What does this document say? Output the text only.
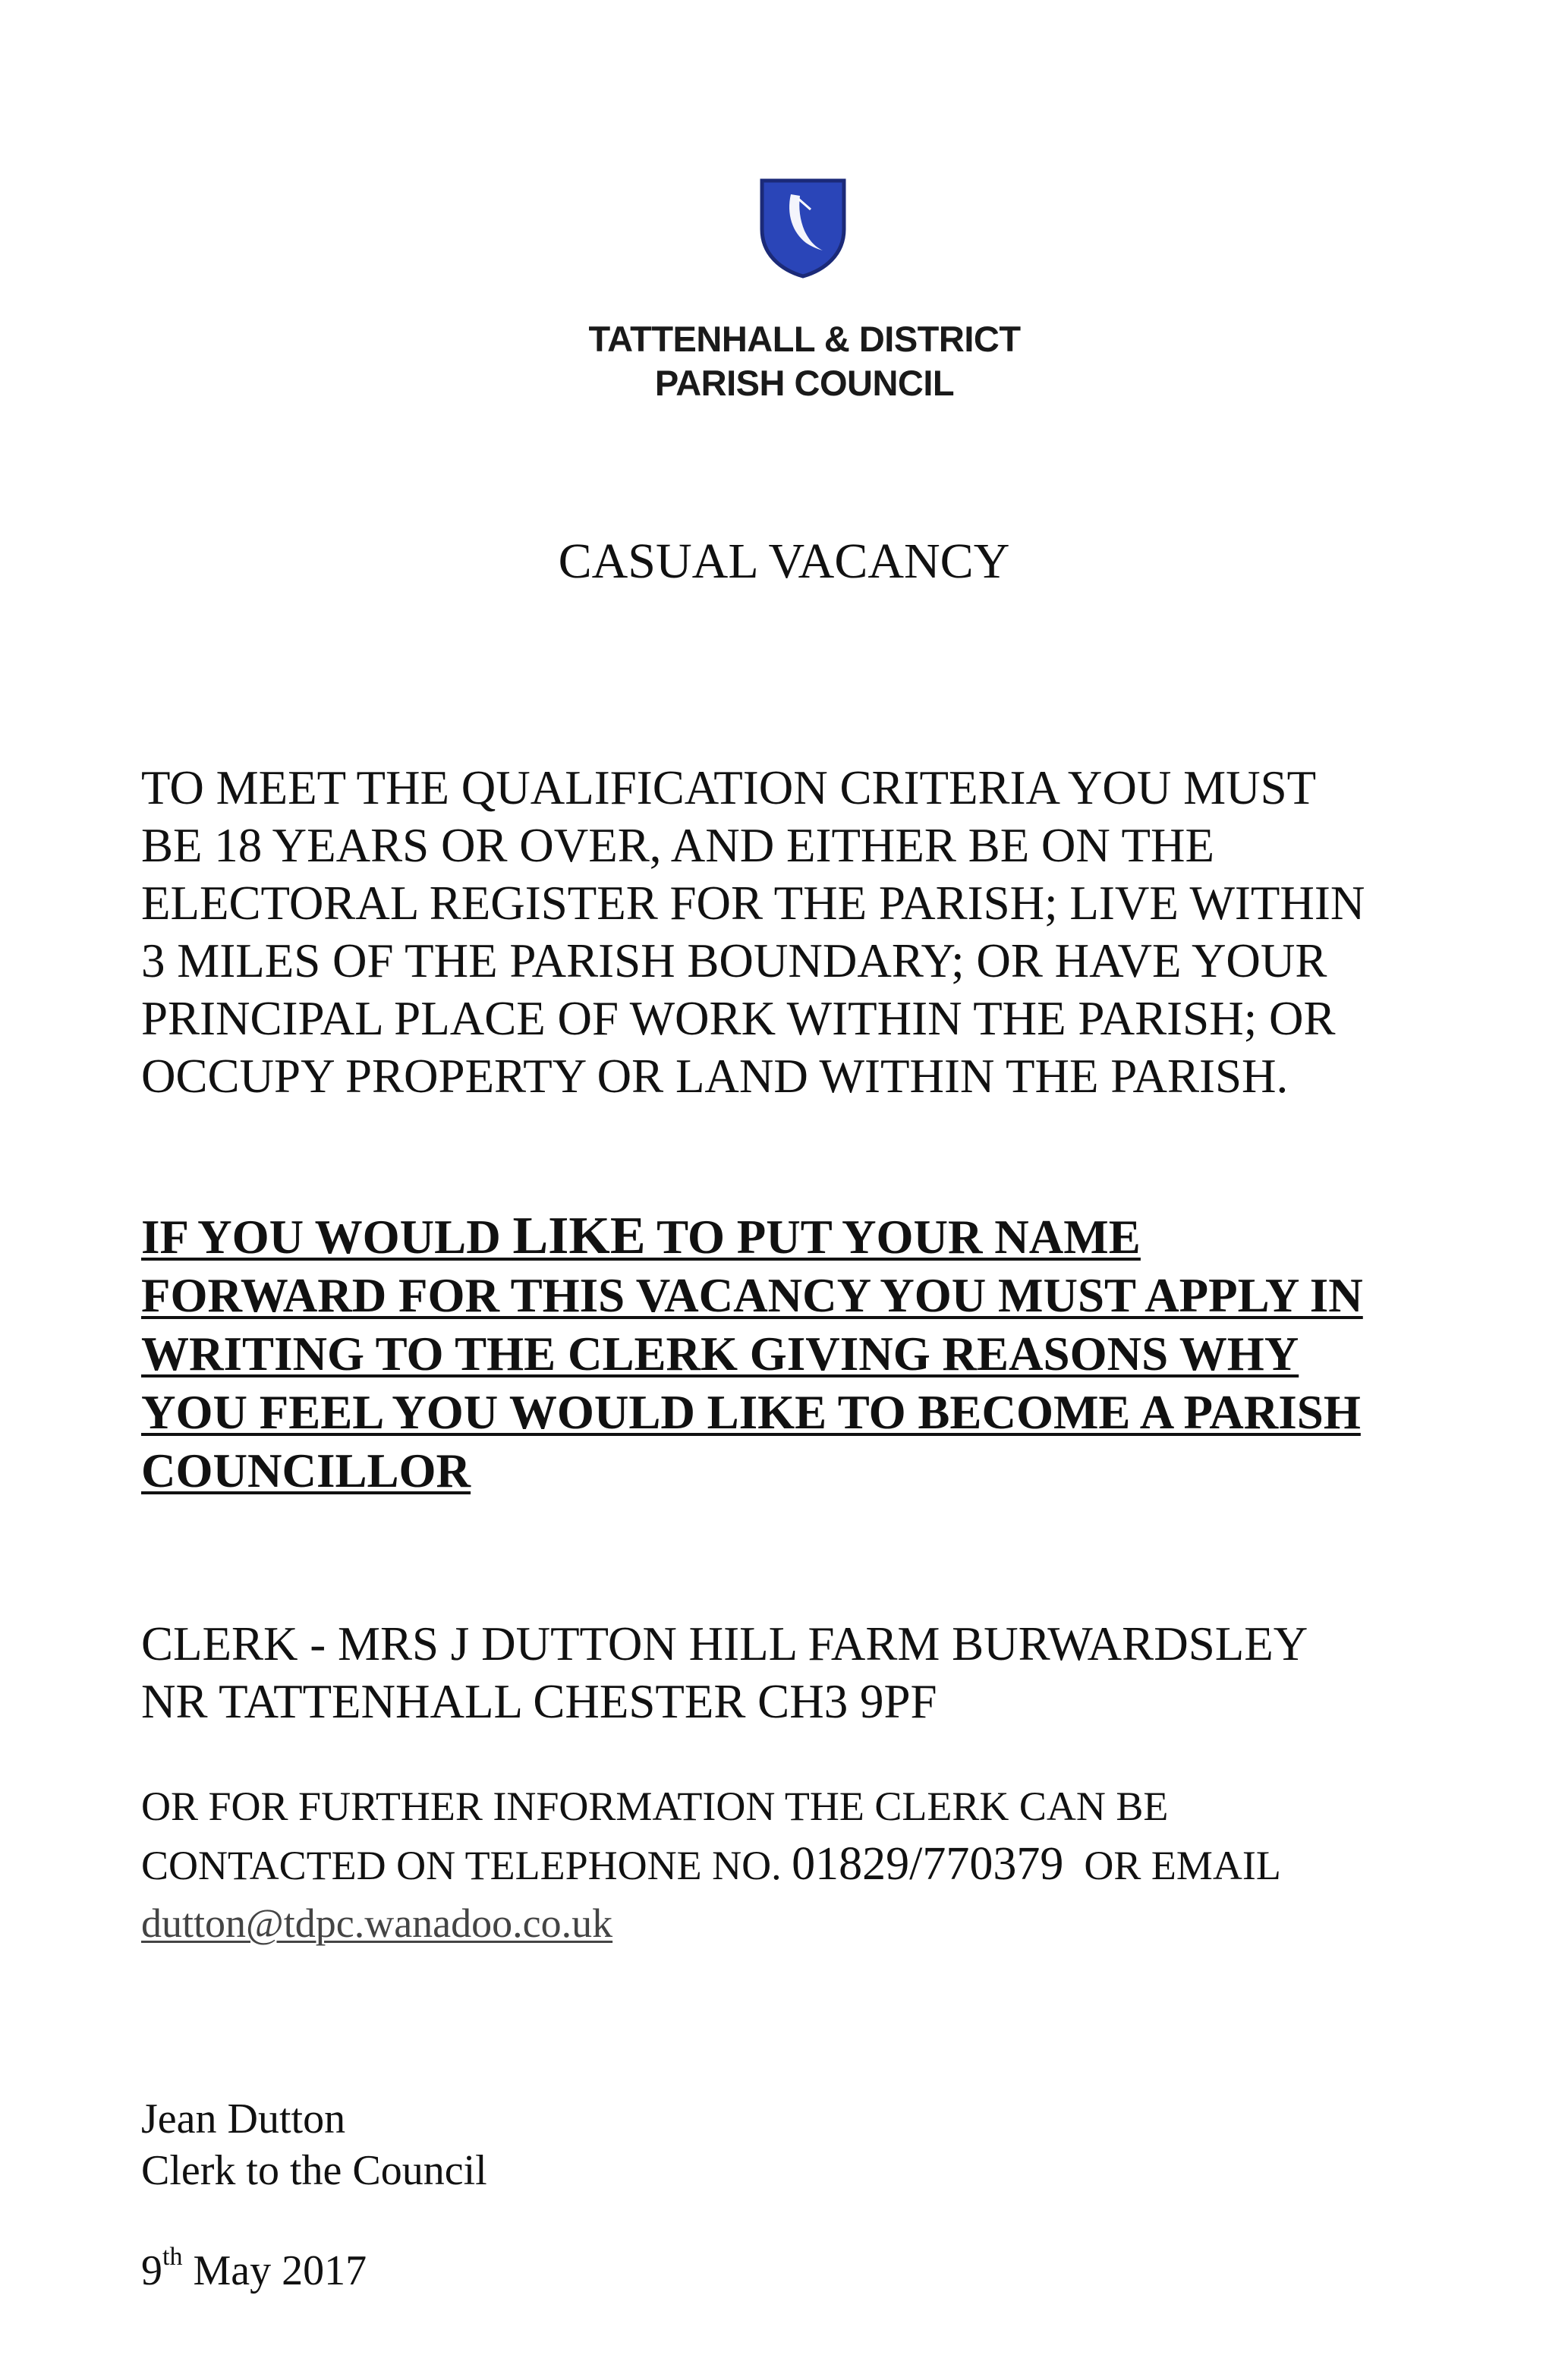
TATTENHALL & DISTRICT
PARISH COUNCIL
CASUAL VACANCY
TO MEET THE QUALIFICATION CRITERIA YOU MUST
BE 18 YEARS OR OVER, AND EITHER BE ON THE
ELECTORAL REGISTER FOR THE PARISH; LIVE WITHIN
3 MILES OF THE PARISH BOUNDARY; OR HAVE YOUR
PRINCIPAL PLACE OF WORK WITHIN THE PARISH; OR
OCCUPY PROPERTY OR LAND WITHIN THE PARISH.
IF YOU WOULD LIKE TO PUT YOUR NAME
FORWARD FOR THIS VACANCY YOU MUST APPLY IN
WRITING TO THE CLERK GIVING REASONS WHY
YOU FEEL YOU WOULD LIKE TO BECOME A PARISH
COUNCILLOR
CLERK - MRS J DUTTON HILL FARM BURWARDSLEY
NR TATTENHALL CHESTER CH3 9PF
OR FOR FURTHER INFORMATION THE CLERK CAN BE
CONTACTED ON TELEPHONE NO. 01829/770379  OR EMAIL
dutton@tdpc.wanadoo.co.uk
Jean Dutton
Clerk to the Council
9th May 2017
